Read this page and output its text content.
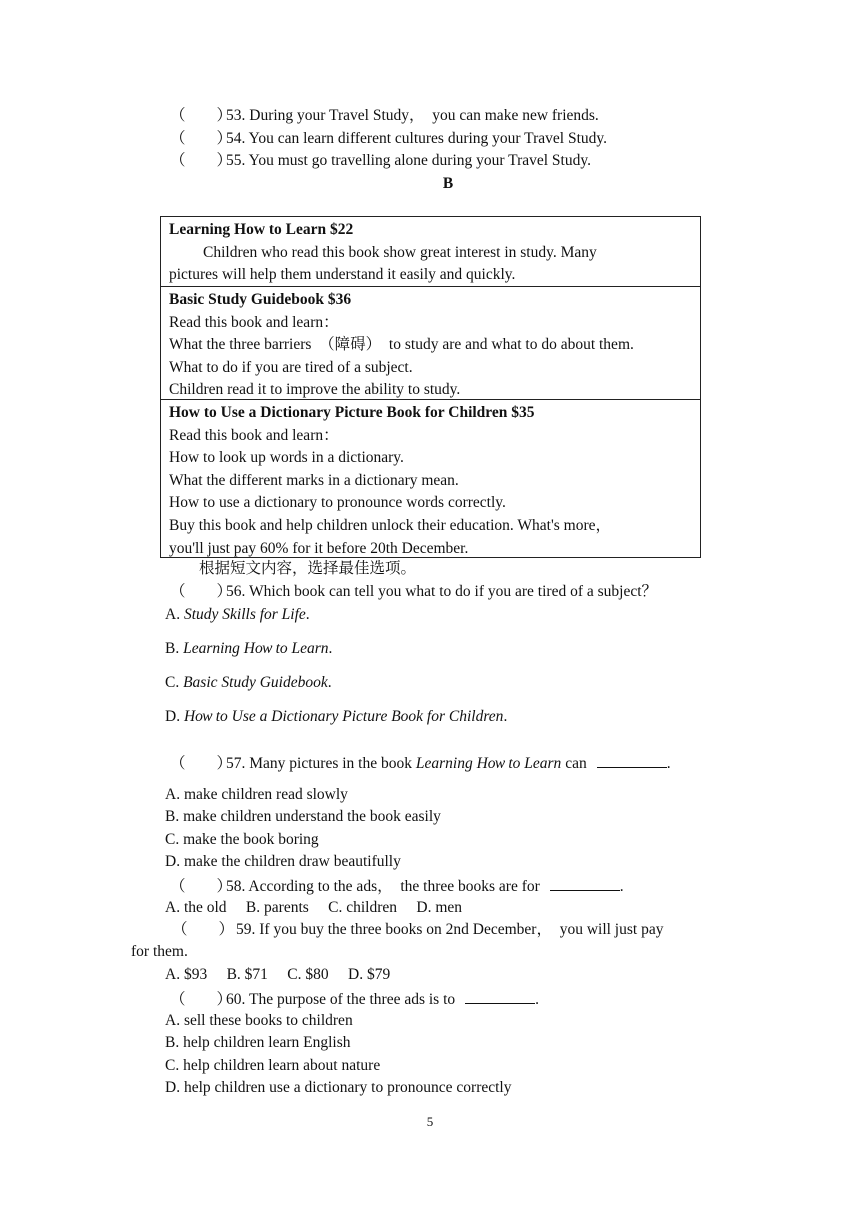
（　　）53. During your Travel Study，　you can make new friends.
（　　）54. You can learn different cultures during your Travel Study.
（　　）55. You must go travelling alone during your Travel Study.
B
Learning How to Learn $22
Children who read this book show great interest in study. Many
pictures will help them understand it easily and quickly.
Basic Study Guidebook $36
Read this book and learn：
What the three barriers　（障碍）　to study are and what to do about them.
What to do if you are tired of a subject.
Children read it to improve the ability to study.
How to Use a Dictionary Picture Book for Children $35
Read this book and learn：
How to look up words in a dictionary.
What the different marks in a dictionary mean.
How to use a dictionary to pronounce words correctly.
Buy this book and help children unlock their education. What's more，
you'll just pay 60% for it before 20th December.
根据短文内容，选择最佳选项。
（　　）56. Which book can tell you what to do if you are tired of a subject？
A. Study Skills for Life.
B. Learning Hoᴡ to Learn.
C. Basic Study Guidebook.
D. Hoᴡ to Use a Dictionary Picture Book for Children.
（　　）57. Many pictures in the book Learning Hoᴡ to Learn can	.
A. make children read slowly
B. make children understand the book easily
C. make the book boring
D. make the children draw beautifully
（　　）58. According to the ads，　the three books are for	.
A. the old　 B. parents　 C. children　 D. men
（　　） 59. If you buy the three books on 2nd December，　you will just pay
for them.
A. $93　 B. $71　 C. $80　 D. $79
（　　）60. The purpose of the three ads is to	.
A. sell these books to children
B. help children learn English
C. help children learn about nature
D. help children use a dictionary to pronounce correctly
5
